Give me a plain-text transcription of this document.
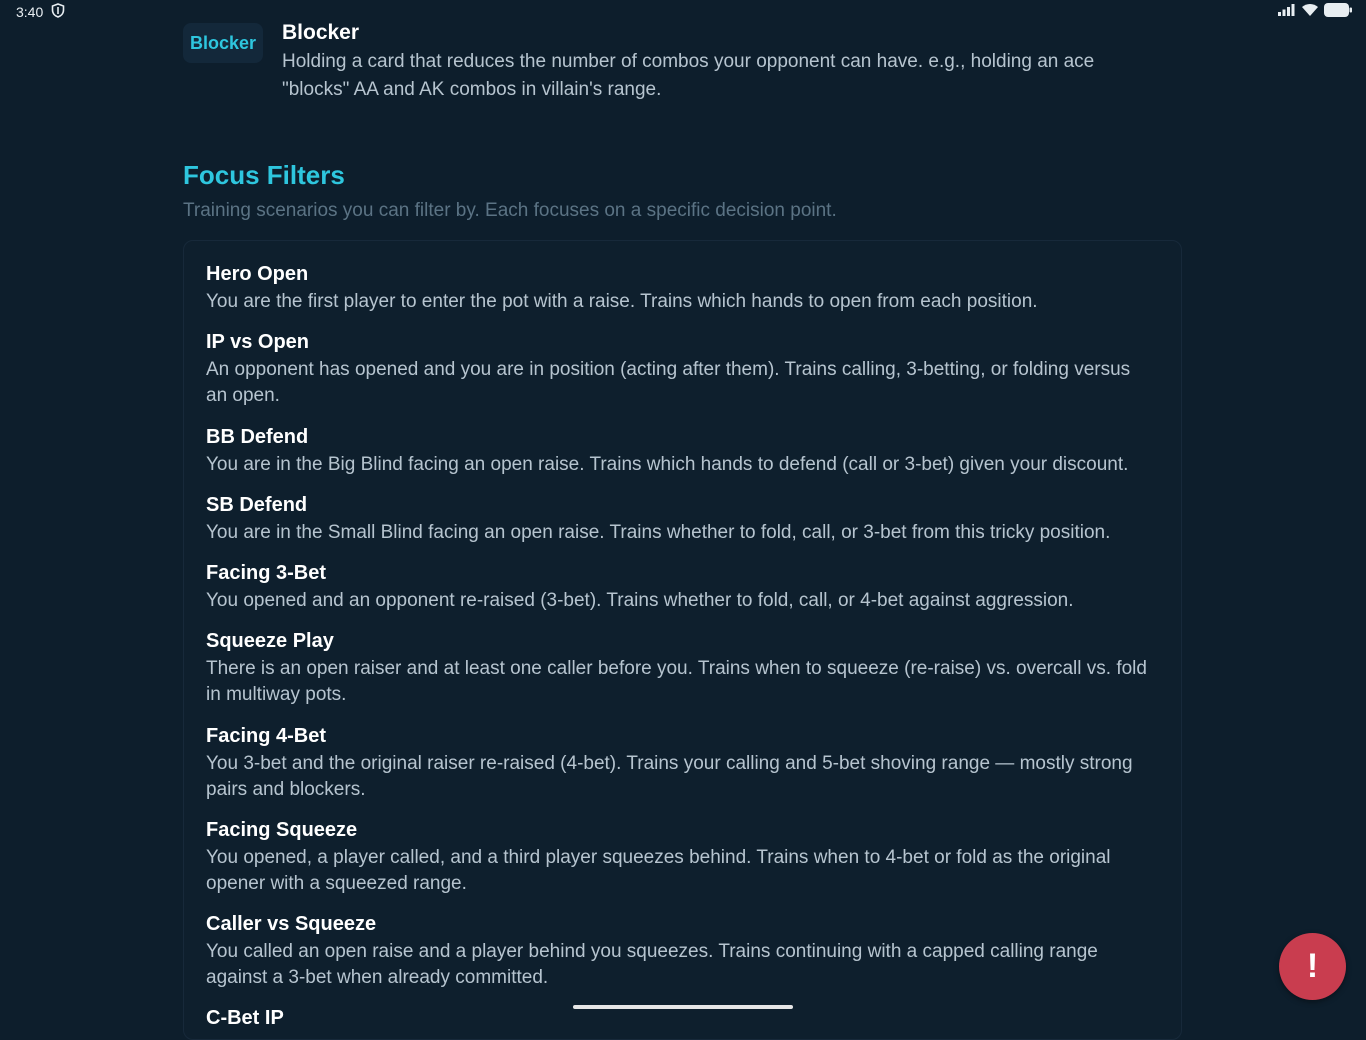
3:40
Blocker	Blocker
Holding a card that reduces the number of combos your opponent can have. e.g., holding an ace "blocks" AA and AK combos in villain's range.
Focus Filters
Training scenarios you can filter by. Each focuses on a specific decision point.
Hero Open
You are the first player to enter the pot with a raise. Trains which hands to open from each position.
IP vs Open
An opponent has opened and you are in position (acting after them). Trains calling, 3-betting, or folding versus an open.
BB Defend
You are in the Big Blind facing an open raise. Trains which hands to defend (call or 3-bet) given your discount.
SB Defend
You are in the Small Blind facing an open raise. Trains whether to fold, call, or 3-bet from this tricky position.
Facing 3-Bet
You opened and an opponent re-raised (3-bet). Trains whether to fold, call, or 4-bet against aggression.
Squeeze Play
There is an open raiser and at least one caller before you. Trains when to squeeze (re-raise) vs. overcall vs. fold in multiway pots.
Facing 4-Bet
You 3-bet and the original raiser re-raised (4-bet). Trains your calling and 5-bet shoving range — mostly strong pairs and blockers.
Facing Squeeze
You opened, a player called, and a third player squeezes behind. Trains when to 4-bet or fold as the original opener with a squeezed range.
Caller vs Squeeze
You called an open raise and a player behind you squeezes. Trains continuing with a capped calling range against a 3-bet when already committed.
C-Bet IP
!
